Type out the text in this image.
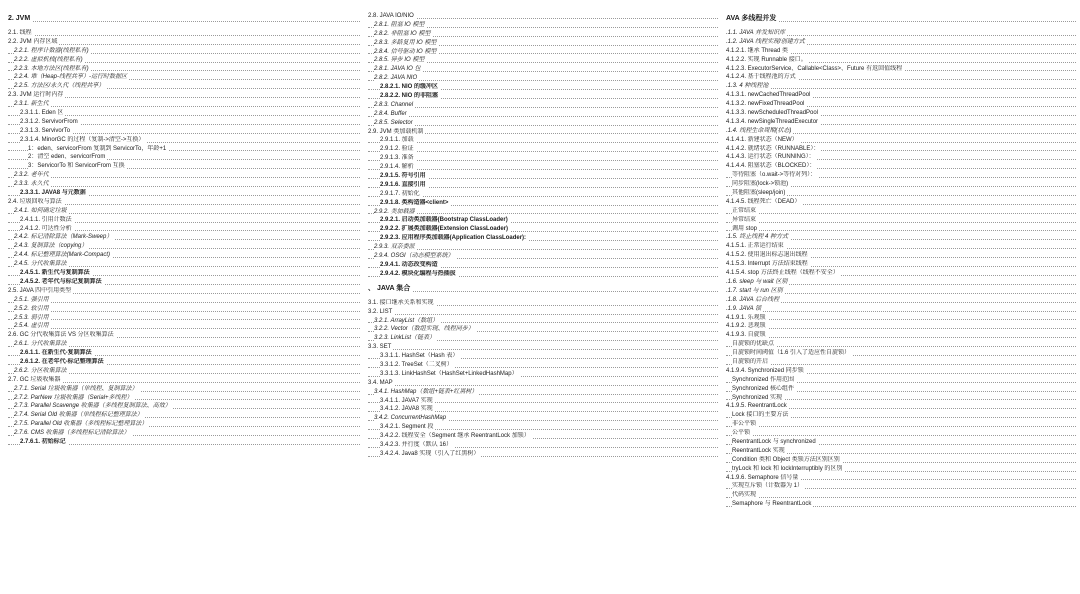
2. JVM
2.1. 线程
2.2. JVM 内存区域
2.2.1. 程序计数器(线程私有)
2.2.2. 虚拟机栈(线程私有)
2.2.3. 本地方法区(线程私有)
2.2.4. 堆（Heap-线程共享）-运行时数据区
2.2.5. 方法区/永久代（线程共享）
2.3. JVM 运行时内存
2.3.1. 新生代
2.3.1.1. Eden 区
2.3.1.2. ServivorFrom
2.3.1.3. ServivorTo
2.3.1.4. MinorGC 的过程（复制->清空->互换）
1：eden、servicorFrom 复制到 ServicorTo，年龄+1
2：清空 eden、servicorFrom
3：ServicorTo 和 ServicorFrom 互换
2.3.2. 老年代
2.3.3. 永久代
2.3.3.1. JAVA8 与元数据
2.4. 垃圾回收与算法
2.4.1. 如何确定垃圾
2.4.1.1. 引用计数法
2.4.1.2. 可达性分析
2.4.2. 标记清除算法（Mark-Sweep）
2.4.3. 复制算法（copying）
2.4.4. 标记整理算法(Mark-Compact)
2.4.5. 分代收集算法
2.4.5.1. 新生代与复制算法
2.4.5.2. 老年代与标记复制算法
2.5. JAVA 四中引用类型
2.5.1. 强引用
2.5.2. 软引用
2.5.3. 弱引用
2.5.4. 虚引用
2.6. GC 分代收集算法 VS 分区收集算法
2.6.1. 分代收集算法
2.6.1.1. 在新生代-复制算法
2.6.1.2. 在老年代-标记整理算法
2.6.2. 分区收集算法
2.7. GC 垃圾收集器
2.7.1. Serial 垃圾收集器（单线程、复制算法）
2.7.2. ParNew 垃圾收集器（Serial+多线程）
2.7.3. Parallel Scavenge 收集器（多线程复制算法、高效）
2.7.4. Serial Old 收集器（单线程标记整理算法）
2.7.5. Parallel Old 收集器（多线程标记整理算法）
2.7.6. CMS 收集器（多线程标记清除算法）
2.7.6.1. 初始标记
2.8. JAVA IO/NIO
2.8.1. 阻塞 IO 模型
2.8.2. 非阻塞 IO 模型
2.8.3. 多路复用 IO 模型
2.8.4. 信号驱动 IO 模型
2.8.5. 异步 IO 模型
2.8.1. JAVA IO 包
2.8.2. JAVA NIO
2.8.2.1. NIO 的缓冲区
2.8.2.2. NIO 的非阻塞
2.8.3. Channel
2.8.4. Buffer
2.8.5. Selector
2.9. JVM 类加载机制
2.9.1.1. 加载
2.9.1.2. 验证
2.9.1.3. 准备
2.9.1.4. 解析
2.9.1.5. 符号引用
2.9.1.6. 直接引用
2.9.1.7. 初始化
2.9.1.8. 类构造器<client>
2.9.2. 类加载器
2.9.2.1. 启动类加载器(Bootstrap ClassLoader)
2.9.2.2. 扩展类加载器(Extension ClassLoader)
2.9.2.3. 应用程序类加载器(Application ClassLoader):
2.9.3. 双亲委派
2.9.4. OSGI（动态模型系统）
2.9.4.1. 动态改变构造
2.9.4.2. 模块化编程与热插拔
、 JAVA 集合
3.1. 接口继承关系和实现
3.2. LIST
3.2.1. ArrayList（数组）
3.2.2. Vector（数组实现、线程同步）
3.2.3. LinkList（链表）
3.3. SET
3.3.1.1. HashSet（Hash 表）
3.3.1.2. TreeSet（二叉树）
3.3.1.3. LinkHashSet（HashSet+LinkedHashMap）
3.4. MAP
3.4.1. HashMap（数组+链表+红黑树）
3.4.1.1. JAVA7 实现
3.4.1.2. JAVA8 实现
3.4.2. ConcurrentHashMap
3.4.2.1. Segment 段
3.4.2.2. 线程安全（Segment 继承 ReentrantLock 加锁）
3.4.2.3. 并行度（默认 16）
3.4.2.4. Java8 实现（引入了红黑树）
AVA 多线程并发
.1.1. JAVA 并发知识库
.1.2. JAVA 线程实现/创建方式
4.1.2.1. 继承 Thread 类
4.1.2.2. 实现 Runnable 接口。
4.1.2.3. ExecutorService、Callable<Class>、Future 有返回值线程
4.1.2.4. 基于线程池的方式
.1.3. 4 种线程池
4.1.3.1. newCachedThreadPool
4.1.3.2. newFixedThreadPool
4.1.3.3. newScheduledThreadPool
4.1.3.4. newSingleThreadExecutor
.1.4. 线程生命周期(状态)
4.1.4.1. 新建状态（NEW）
4.1.4.2. 就绪状态（RUNNABLE）：
4.1.4.3. 运行状态（RUNNING）：
4.1.4.4. 阻塞状态（BLOCKED）：
等待阻塞（o.wait->等待对列）：
同步阻塞(lock->锁池)
其他阻塞(sleep/join)
4.1.4.5. 线程死亡（DEAD）
正常结束
异常结束
调用 stop
.1.5. 终止线程 4 种方式
4.1.5.1. 正常运行结束
4.1.5.2. 使用退出标志退出线程
4.1.5.3. Interrupt 方法结束线程
4.1.5.4. stop 方法终止线程（线程不安全）
.1.6. sleep 与 wait 区别
.1.7. start 与 run 区别
.1.8. JAVA 后台线程
.1.9. JAVA 锁
4.1.9.1. 乐观锁
4.1.9.2. 悲观锁
4.1.9.3. 自旋锁
自旋锁的优缺点
自旋锁时间阈值（1.6 引入了适应性自旋锁）
自旋锁的开启
4.1.9.4. Synchronized 同步锁
Synchronized 作用范围
Synchronized 核心组件
Synchronized 实现
4.1.9.5. ReentrantLock
Lock 接口的主要方法
非公平锁
公平锁
ReentrantLock 与 synchronized
ReentrantLock 实现
Condition 类和 Object 类锁方法区别区别
tryLock 和 lock 和 lockInterruptibly 的区别
4.1.9.6. Semaphore 信号量
实现互斥锁（计数器为 1）
代码实现
Semaphore 与 ReentrantLock
